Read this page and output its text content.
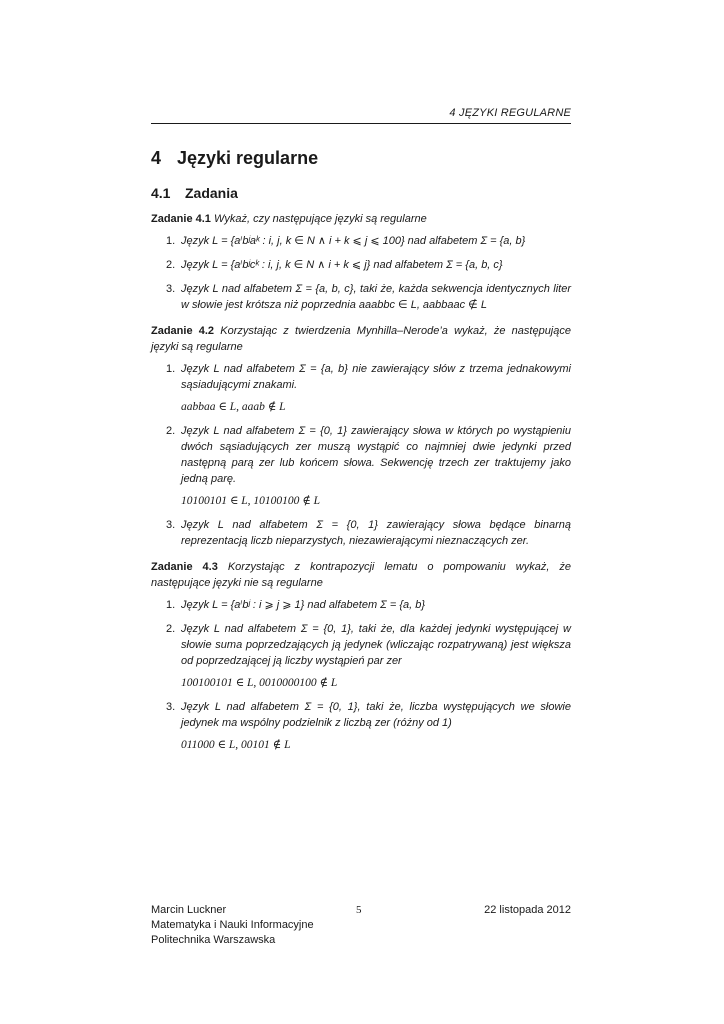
4 JĘZYKI REGULARNE
4 Języki regularne
4.1 Zadania
Zadanie 4.1 Wykaż, czy następujące języki są regularne
1. Język L = {aⁱbʲaᵏ : i, j, k ∈ N ∧ i + k ⩽ j ⩽ 100} nad alfabetem Σ = {a, b}
2. Język L = {aⁱbʲcᵏ : i, j, k ∈ N ∧ i + k ⩽ j} nad alfabetem Σ = {a, b, c}
3. Język L nad alfabetem Σ = {a, b, c}, taki że, każda sekwencja identycznych liter w słowie jest krótsza niż poprzednia aaabbc ∈ L, aabbaac ∉ L
Zadanie 4.2 Korzystając z twierdzenia Mynhilla–Nerode’a wykaż, że następujące języki są regularne
1. Język L nad alfabetem Σ = {a, b} nie zawierający słów z trzema jednakowymi sąsiadującymi znakami.
aabbaa ∈ L, aaab ∉ L
2. Język L nad alfabetem Σ = {0, 1} zawierający słowa w których po wystąpieniu dwóch sąsiadujących zer muszą wystąpić co najmniej dwie jedynki przed następną parą zer lub końcem słowa. Sekwencję trzech zer traktujemy jako jedną parę.
10100101 ∈ L, 10100100 ∉ L
3. Język L nad alfabetem Σ = {0, 1} zawierający słowa będące binarną reprezentacją liczb nieparzystych, niezawierającymi nieznaczących zer.
Zadanie 4.3 Korzystając z kontrapozycji lematu o pompowaniu wykaż, że następujące języki nie są regularne
1. Język L = {aⁱbʲ : i ⩾ j ⩾ 1} nad alfabetem Σ = {a, b}
2. Język L nad alfabetem Σ = {0, 1}, taki że, dla każdej jedynki występującej w słowie suma poprzedzających ją jedynek (wliczając rozpatrywaną) jest większa od poprzedzającej ją liczby wystąpień par zer
100100101 ∈ L, 0010000100 ∉ L
3. Język L nad alfabetem Σ = {0, 1}, taki że, liczba występujących we słowie jedynek ma wspólny podzielnik z liczbą zer (różny od 1)
011000 ∈ L, 00101 ∉ L
Marcin Luckner
Matematyka i Nauki Informacyjne
Politechnika Warszawska
5	22 listopada 2012
